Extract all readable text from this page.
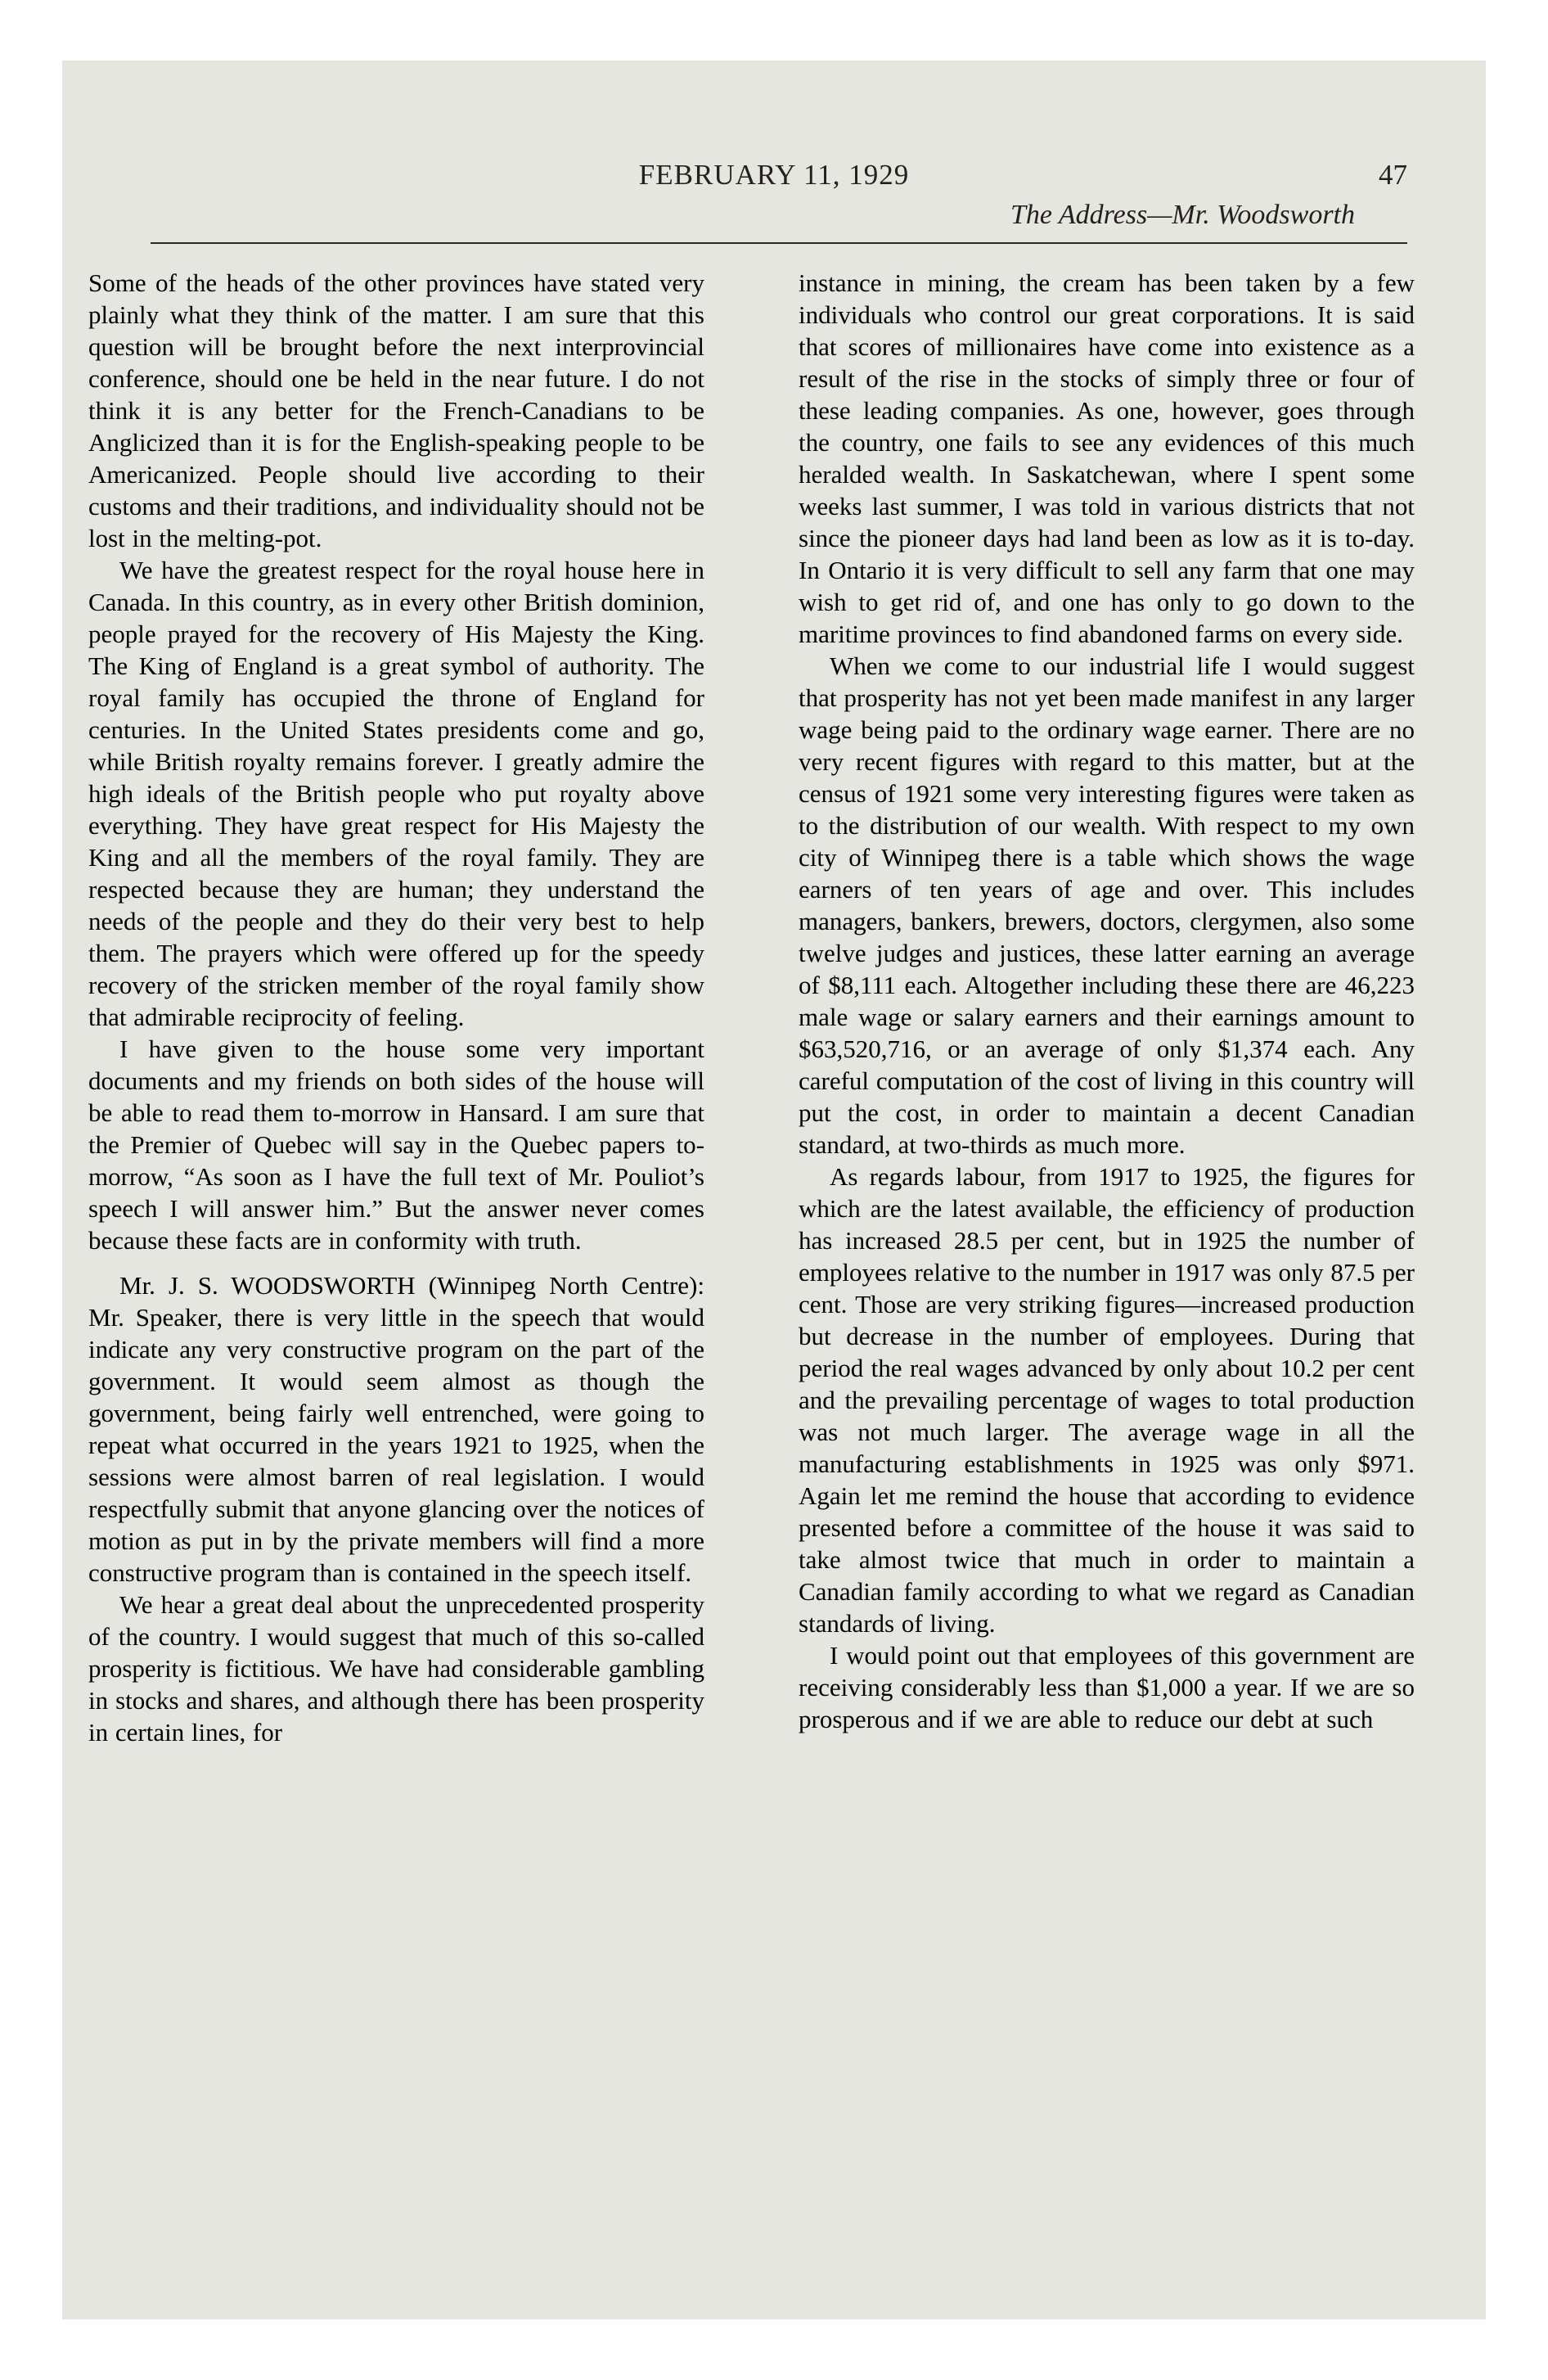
FEBRUARY 11, 1929	47
The Address—Mr. Woodsworth

Some of the heads of the other provinces have stated very plainly what they think of the matter. I am sure that this question will be brought before the next interprovincial conference, should one be held in the near future. I do not think it is any better for the French-Canadians to be Anglicized than it is for the English-speaking people to be Americanized. People should live according to their customs and their traditions, and individuality should not be lost in the melting-pot.

We have the greatest respect for the royal house here in Canada. In this country, as in every other British dominion, people prayed for the recovery of His Majesty the King. The King of England is a great symbol of authority. The royal family has occupied the throne of England for centuries. In the United States presidents come and go, while British royalty remains forever. I greatly admire the high ideals of the British people who put royalty above everything. They have great respect for His Majesty the King and all the members of the royal family. They are respected because they are human; they understand the needs of the people and they do their very best to help them. The prayers which were offered up for the speedy recovery of the stricken member of the royal family show that admirable reciprocity of feeling.

I have given to the house some very important documents and my friends on both sides of the house will be able to read them to-morrow in Hansard. I am sure that the Premier of Quebec will say in the Quebec papers to-morrow, “As soon as I have the full text of Mr. Pouliot’s speech I will answer him.” But the answer never comes because these facts are in conformity with truth.

Mr. J. S. WOODSWORTH (Winnipeg North Centre): Mr. Speaker, there is very little in the speech that would indicate any very constructive program on the part of the government. It would seem almost as though the government, being fairly well entrenched, were going to repeat what occurred in the years 1921 to 1925, when the sessions were almost barren of real legislation. I would respectfully submit that anyone glancing over the notices of motion as put in by the private members will find a more constructive program than is contained in the speech itself.

We hear a great deal about the unprecedented prosperity of the country. I would suggest that much of this so-called prosperity is fictitious. We have had considerable gambling in stocks and shares, and although there has been prosperity in certain lines, for

instance in mining, the cream has been taken by a few individuals who control our great corporations. It is said that scores of millionaires have come into existence as a result of the rise in the stocks of simply three or four of these leading companies. As one, however, goes through the country, one fails to see any evidences of this much heralded wealth. In Saskatchewan, where I spent some weeks last summer, I was told in various districts that not since the pioneer days had land been as low as it is to-day. In Ontario it is very difficult to sell any farm that one may wish to get rid of, and one has only to go down to the maritime provinces to find abandoned farms on every side.

When we come to our industrial life I would suggest that prosperity has not yet been made manifest in any larger wage being paid to the ordinary wage earner. There are no very recent figures with regard to this matter, but at the census of 1921 some very interesting figures were taken as to the distribution of our wealth. With respect to my own city of Winnipeg there is a table which shows the wage earners of ten years of age and over. This includes managers, bankers, brewers, doctors, clergymen, also some twelve judges and justices, these latter earning an average of $8,111 each. Altogether including these there are 46,223 male wage or salary earners and their earnings amount to $63,520,716, or an average of only $1,374 each. Any careful computation of the cost of living in this country will put the cost, in order to maintain a decent Canadian standard, at two-thirds as much more.

As regards labour, from 1917 to 1925, the figures for which are the latest available, the efficiency of production has increased 28.5 per cent, but in 1925 the number of employees relative to the number in 1917 was only 87.5 per cent. Those are very striking figures—increased production but decrease in the number of employees. During that period the real wages advanced by only about 10.2 per cent and the prevailing percentage of wages to total production was not much larger. The average wage in all the manufacturing establishments in 1925 was only $971. Again let me remind the house that according to evidence presented before a committee of the house it was said to take almost twice that much in order to maintain a Canadian family according to what we regard as Canadian standards of living.

I would point out that employees of this government are receiving considerably less than $1,000 a year. If we are so prosperous and if we are able to reduce our debt at such
